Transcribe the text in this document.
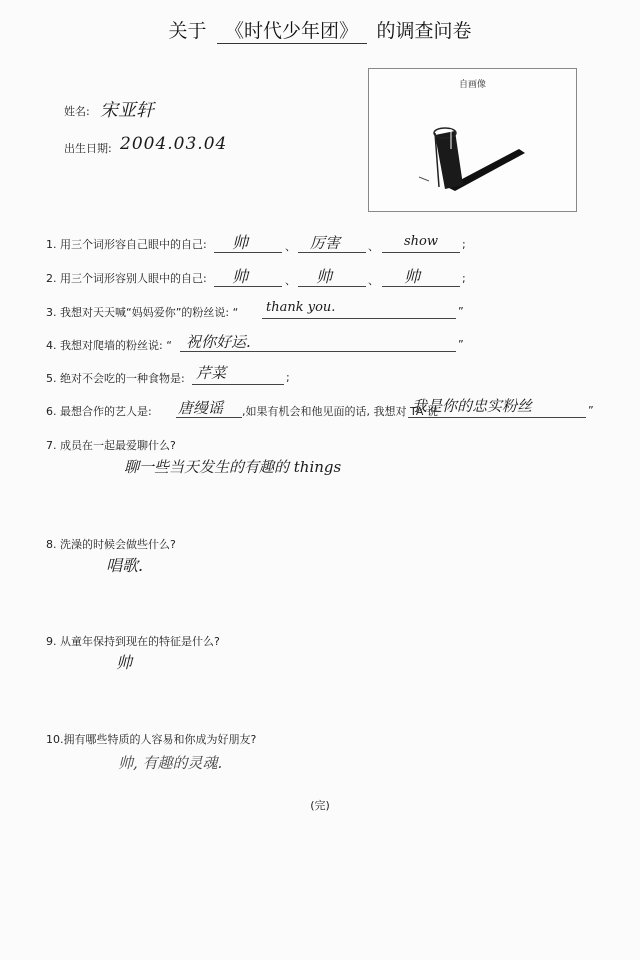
关于 《时代少年团》 的调查问卷
姓名: 宋亚轩
出生日期: 2004.03.04
自画像
1. 用三个词形容自己眼中的自己: 帅	、 厉害	、 show ;
2. 用三个词形容别人眼中的自己: 帅	、 帅	、 帅	;
3. 我想对天天喊“妈妈爱你”的粉丝说: “ thank you.	”
4. 我想对爬墙的粉丝说: “ 祝你好运.	”
5. 绝对不会吃的一种食物是: 芹菜	;
6. 最想合作的艺人是: 唐缦谣 ,如果有机会和他见面的话, 我想对 TA 说
我是你的忠实粉丝	”
7. 成员在一起最爱聊什么?
聊一些当天发生的有趣的 things
8. 洗澡的时候会做些什么?
唱歌.
9. 从童年保持到现在的特征是什么?
帅
10.拥有哪些特质的人容易和你成为好朋友?
帅, 有趣的灵魂.
(完)
